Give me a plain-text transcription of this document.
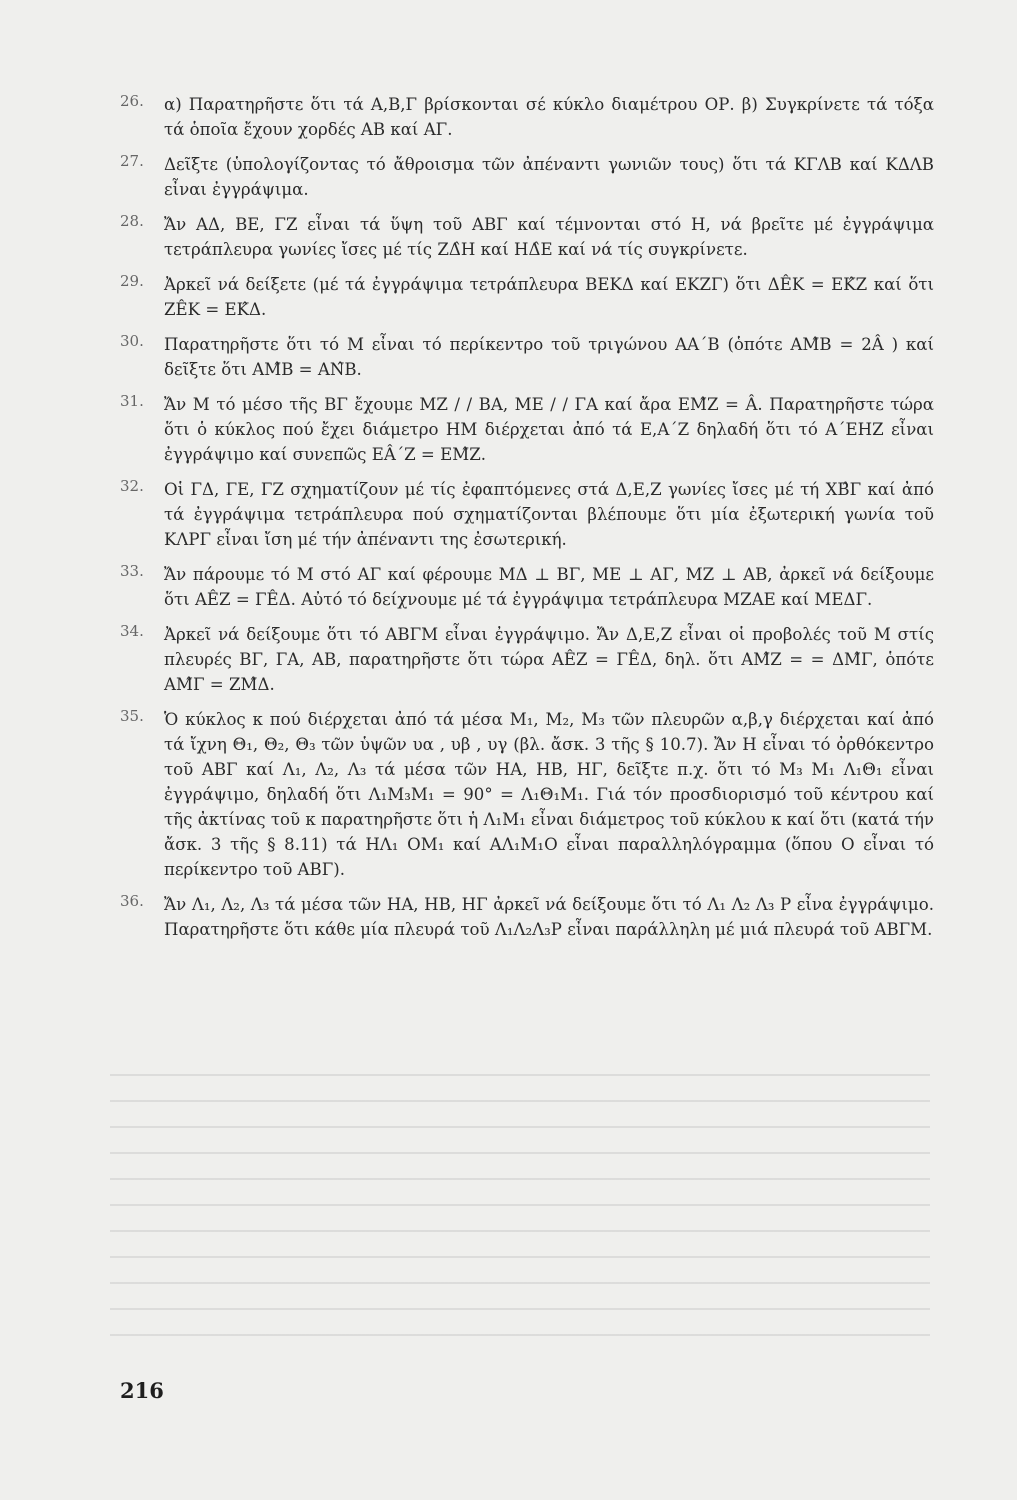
26. α) Παρατηρῆστε ὅτι τά Α,Β,Γ βρίσκονται σέ κύκλο διαμέτρου ΟΡ. β) Συγκρίνετε τά τόξα τά ὁποῖα ἔχουν χορδές ΑΒ καί ΑΓ.

27. Δεῖξτε (ὑπολογίζοντας τό ἄθροισμα τῶν ἀπέναντι γωνιῶν τους) ὅτι τά ΚΓΛΒ καί ΚΔΛΒ εἶναι ἐγγράψιμα.

28. Ἄν ΑΔ, ΒΕ, ΓΖ εἶναι τά ὕψη τοῦ ΑΒΓ καί τέμνονται στό Η, νά βρεῖτε μέ ἐγγράψιμα τετράπλευρα γωνίες ἴσες μέ τίς ΖΔ̂Η καί ΗΔ̂Ε καί νά τίς συγκρίνετε.

29. Ἀρκεῖ νά δείξετε (μέ τά ἐγγράψιμα τετράπλευρα ΒΕΚΔ καί ΕΚΖΓ) ὅτι ΔÊΚ = ΕΚ̂Ζ καί ὅτι ΖÊΚ = ΕΚ̂Δ.

30. Παρατηρῆστε ὅτι τό Μ εἶναι τό περίκεντρο τοῦ τριγώνου ΑΑ΄Β (ὁπότε ΑΜ̂Β = 2Â ) καί δεῖξτε ὅτι ΑΜ̂Β = ΑΝ̂Β.

31. Ἄν Μ τό μέσο τῆς ΒΓ ἔχουμε ΜΖ / / ΒΑ, ΜΕ / / ΓΑ καί ἄρα ΕΜ̂Ζ = Â. Παρατηρῆστε τώρα ὅτι ὁ κύκλος πού ἔχει διάμετρο ΗΜ διέρχεται ἀπό τά Ε,Α΄Ζ δηλαδή ὅτι τό Α΄ΕΗΖ εἶναι ἐγγράψιμο καί συνεπῶς ΕÂ΄Ζ = ΕΜ̂Ζ.

32. Οἱ ΓΔ, ΓΕ, ΓΖ σχηματίζουν μέ τίς ἐφαπτόμενες στά Δ,Ε,Ζ γωνίες ἴσες μέ τή ΧΒ̂Γ καί ἀπό τά ἐγγράψιμα τετράπλευρα πού σχηματίζονται βλέπουμε ὅτι μία ἐξωτερική γωνία τοῦ ΚΛΡΓ εἶναι ἴση μέ τήν ἀπέναντι της ἐσωτερική.

33. Ἄν πάρουμε τό Μ στό ΑΓ καί φέρουμε ΜΔ ⊥ ΒΓ, ΜΕ ⊥ ΑΓ, ΜΖ ⊥ ΑΒ, ἀρκεῖ νά δείξουμε ὅτι ΑÊΖ = ΓÊΔ. Αὐτό τό δείχνουμε μέ τά ἐγγράψιμα τετράπλευρα ΜΖΑΕ καί ΜΕΔΓ.

34. Ἀρκεῖ νά δείξουμε ὅτι τό ΑΒΓΜ εἶναι ἐγγράψιμο. Ἄν Δ,Ε,Ζ εἶναι οἱ προβολές τοῦ Μ στίς πλευρές ΒΓ, ΓΑ, ΑΒ, παρατηρῆστε ὅτι τώρα ΑÊΖ = ΓÊΔ, δηλ. ὅτι ΑΜ̂Ζ = = ΔΜ̂Γ, ὁπότε ΑΜ̂Γ = ΖΜ̂Δ.

35. Ὁ κύκλος κ πού διέρχεται ἀπό τά μέσα Μ₁, Μ₂, Μ₃ τῶν πλευρῶν α,β,γ διέρχεται καί ἀπό τά ἴχνη Θ₁, Θ₂, Θ₃ τῶν ὑψῶν υα , υβ , υγ (βλ. ἄσκ. 3 τῆς § 10.7). Ἄν Η εἶναι τό ὀρθόκεντρο τοῦ ΑΒΓ καί Λ₁, Λ₂, Λ₃ τά μέσα τῶν ΗΑ, ΗΒ, ΗΓ, δεῖξτε π.χ. ὅτι τό Μ₃ Μ₁ Λ₁Θ₁ εἶναι ἐγγράψιμο, δηλαδή ὅτι Λ₁Μ₃Μ₁ = 90° = Λ₁Θ₁Μ₁. Γιά τόν προσδιορισμό τοῦ κέντρου καί τῆς ἀκτίνας τοῦ κ παρατηρῆστε ὅτι ἡ Λ₁Μ₁ εἶναι διάμετρος τοῦ κύκλου κ καί ὅτι (κατά τήν ἄσκ. 3 τῆς § 8.11) τά ΗΛ₁ ΟΜ₁ καί ΑΛ₁Μ₁Ο εἶναι παραλληλόγραμμα (ὅπου Ο εἶναι τό περίκεντρο τοῦ ΑΒΓ).

36. Ἄν Λ₁, Λ₂, Λ₃ τά μέσα τῶν ΗΑ, ΗΒ, ΗΓ ἀρκεῖ νά δείξουμε ὅτι τό Λ₁ Λ₂ Λ₃ Ρ εἶνα ἐγγράψιμο. Παρατηρῆστε ὅτι κάθε μία πλευρά τοῦ Λ₁Λ₂Λ₃Ρ εἶναι παράλληλη μέ μιά πλευρά τοῦ ΑΒΓΜ.

216
